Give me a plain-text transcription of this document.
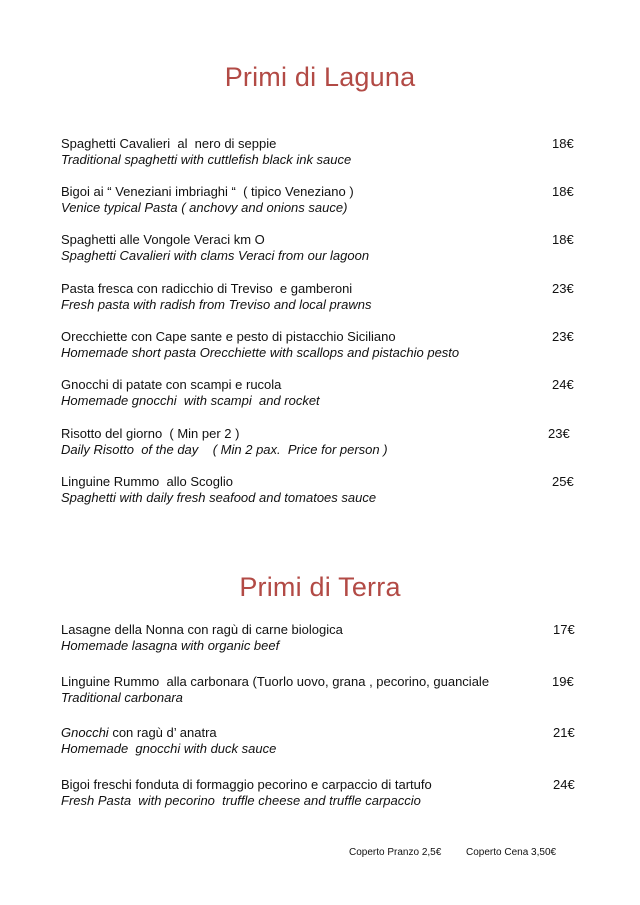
Primi di Laguna
Spaghetti Cavalieri  al  nero di seppie
Traditional spaghetti with cuttlefish black ink sauce
18€
Bigoi ai “ Veneziani imbriaghi “  ( tipico Veneziano )
Venice typical Pasta ( anchovy and onions sauce)
18€
Spaghetti alle Vongole Veraci km O
Spaghetti Cavalieri with clams Veraci from our lagoon
18€
Pasta fresca con radicchio di Treviso  e gamberoni
Fresh pasta with radish from Treviso and local prawns
23€
Orecchiette con Cape sante e pesto di pistacchio Siciliano
Homemade short pasta Orecchiette with scallops and pistachio pesto
23€
Gnocchi di patate con scampi e rucola
Homemade gnocchi  with scampi  and rocket
24€
Risotto del giorno  ( Min per 2 )
Daily Risotto  of the day    ( Min 2 pax.  Price for person )
23€
Linguine Rummo  allo Scoglio
Spaghetti with daily fresh seafood and tomatoes sauce
25€
Primi di Terra
Lasagne della Nonna con ragù di carne biologica
Homemade lasagna with organic beef
17€
Linguine Rummo  alla carbonara (Tuorlo uovo, grana , pecorino, guanciale
Traditional carbonara
19€
Gnocchi con ragù d’ anatra
Homemade  gnocchi with duck sauce
21€
Bigoi freschi fonduta di formaggio pecorino e carpaccio di tartufo
Fresh Pasta  with pecorino  truffle cheese and truffle carpaccio
24€
Coperto Pranzo 2,5€ Coperto Cena 3,50€
